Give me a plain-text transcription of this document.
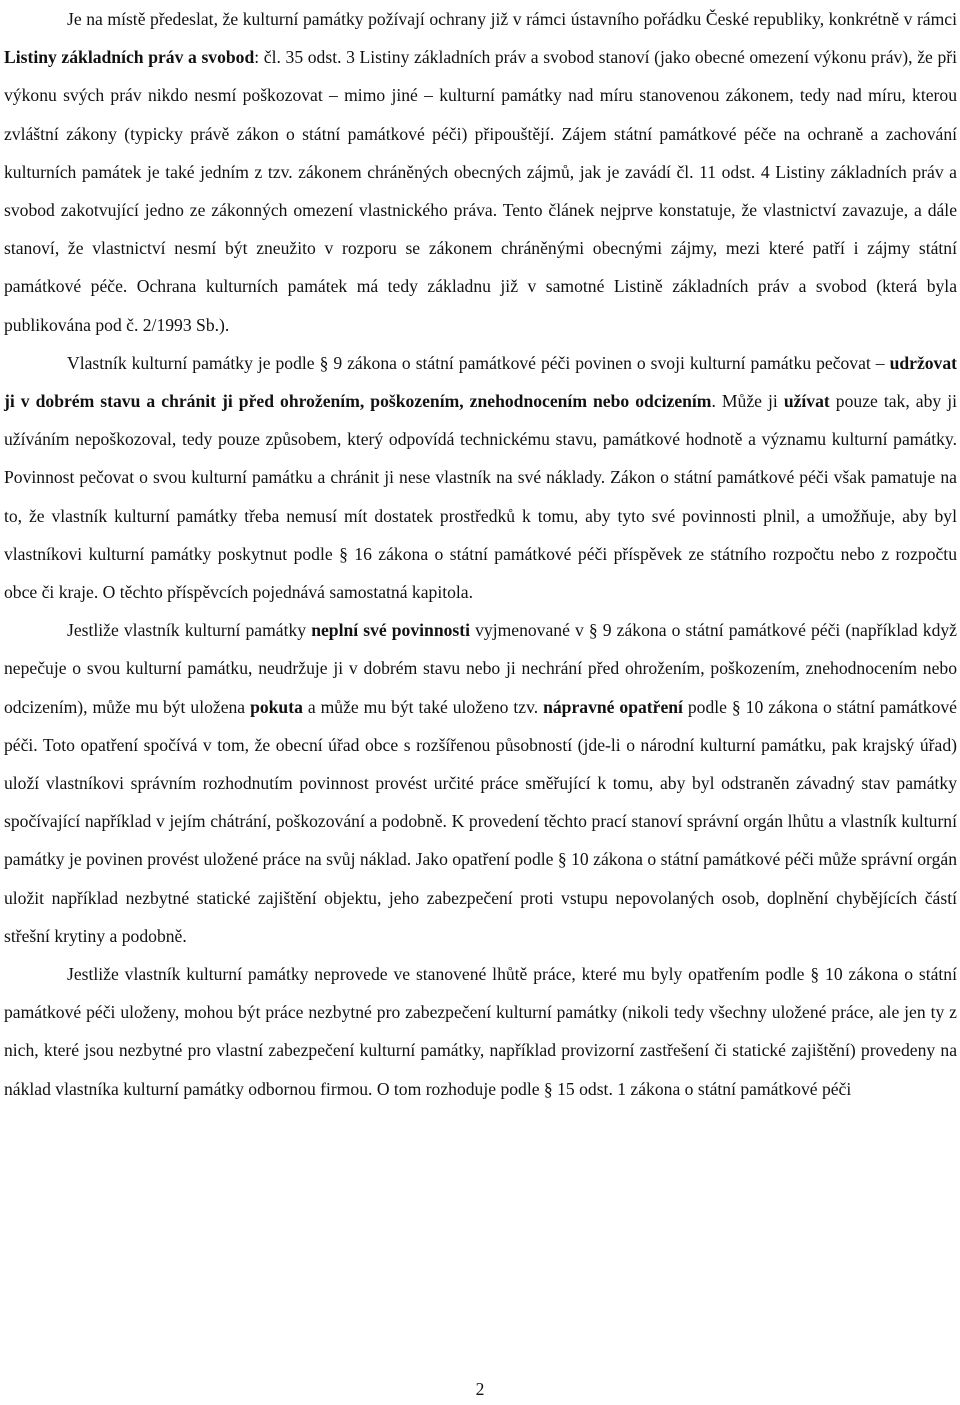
Je na místě předeslat, že kulturní památky požívají ochrany již v rámci ústavního pořádku České republiky, konkrétně v rámci Listiny základních práv a svobod: čl. 35 odst. 3 Listiny základních práv a svobod stanoví (jako obecné omezení výkonu práv), že při výkonu svých práv nikdo nesmí poškozovat – mimo jiné – kulturní památky nad míru stanovenou zákonem, tedy nad míru, kterou zvláštní zákony (typicky právě zákon o státní památkové péči) připouštějí. Zájem státní památkové péče na ochraně a zachování kulturních památek je také jedním z tzv. zákonem chráněných obecných zájmů, jak je zavádí čl. 11 odst. 4 Listiny základních práv a svobod zakotvující jedno ze zákonných omezení vlastnického práva. Tento článek nejprve konstatuje, že vlastnictví zavazuje, a dále stanoví, že vlastnictví nesmí být zneužito v rozporu se zákonem chráněnými obecnými zájmy, mezi které patří i zájmy státní památkové péče. Ochrana kulturních památek má tedy základnu již v samotné Listině základních práv a svobod (která byla publikována pod č. 2/1993 Sb.).

Vlastník kulturní památky je podle § 9 zákona o státní památkové péči povinen o svoji kulturní památku pečovat – udržovat ji v dobrém stavu a chránit ji před ohrožením, poškozením, znehodnocením nebo odcizením. Může ji užívat pouze tak, aby ji užíváním nepoškozoval, tedy pouze způsobem, který odpovídá technickému stavu, památkové hodnotě a významu kulturní památky. Povinnost pečovat o svou kulturní památku a chránit ji nese vlastník na své náklady. Zákon o státní památkové péči však pamatuje na to, že vlastník kulturní památky třeba nemusí mít dostatek prostředků k tomu, aby tyto své povinnosti plnil, a umožňuje, aby byl vlastníkovi kulturní památky poskytnut podle § 16 zákona o státní památkové péči příspěvek ze státního rozpočtu nebo z rozpočtu obce či kraje. O těchto příspěvcích pojednává samostatná kapitola.

Jestliže vlastník kulturní památky neplní své povinnosti vyjmenované v § 9 zákona o státní památkové péči (například když nepečuje o svou kulturní památku, neudržuje ji v dobrém stavu nebo ji nechrání před ohrožením, poškozením, znehodnocením nebo odcizením), může mu být uložena pokuta a může mu být také uloženo tzv. nápravné opatření podle § 10 zákona o státní památkové péči. Toto opatření spočívá v tom, že obecní úřad obce s rozšířenou působností (jde-li o národní kulturní památku, pak krajský úřad) uloží vlastníkovi správním rozhodnutím povinnost provést určité práce směřující k tomu, aby byl odstraněn závadný stav památky spočívající například v jejím chátrání, poškozování a podobně. K provedení těchto prací stanoví správní orgán lhůtu a vlastník kulturní památky je povinen provést uložené práce na svůj náklad. Jako opatření podle § 10 zákona o státní památkové péči může správní orgán uložit například nezbytné statické zajištění objektu, jeho zabezpečení proti vstupu nepovolaných osob, doplnění chybějících částí střešní krytiny a podobně.

Jestliže vlastník kulturní památky neprovede ve stanovené lhůtě práce, které mu byly opatřením podle § 10 zákona o státní památkové péči uloženy, mohou být práce nezbytné pro zabezpečení kulturní památky (nikoli tedy všechny uložené práce, ale jen ty z nich, které jsou nezbytné pro vlastní zabezpečení kulturní památky, například provizorní zastřešení či statické zajištění) provedeny na náklad vlastníka kulturní památky odbornou firmou. O tom rozhoduje podle § 15 odst. 1 zákona o státní památkové péči

2
